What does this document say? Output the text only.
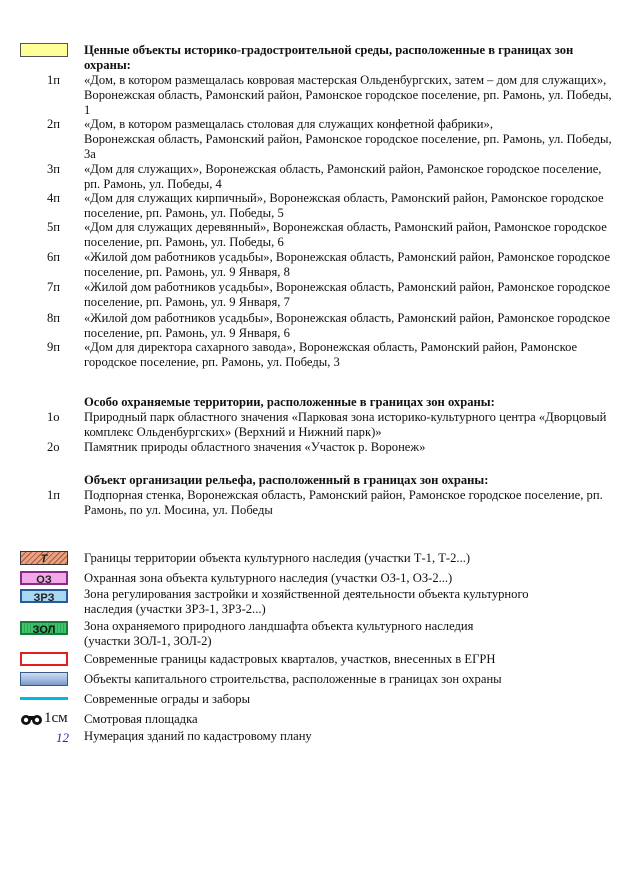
Ценные объекты историко-градостроительной среды, расположенные в границах зон охраны:
1п	«Дом, в котором размещалась ковровая мастерская Ольденбургских, затем – дом для служащих», Воронежская область, Рамонский район, Рамонское городское поселение, рп. Рамонь, ул. Победы, 1
2п	«Дом, в котором размещалась столовая для служащих конфетной фабрики»,
Воронежская область, Рамонский район, Рамонское городское поселение, рп. Рамонь, ул. Победы, 3а
3п	«Дом для служащих», Воронежская область, Рамонский район, Рамонское городское поселение, рп. Рамонь, ул. Победы, 4
4п	«Дом для служащих кирпичный», Воронежская область, Рамонский район, Рамонское городское поселение, рп. Рамонь, ул. Победы, 5
5п	«Дом для служащих деревянный», Воронежская область, Рамонский район, Рамонское городское поселение, рп. Рамонь, ул. Победы, 6
6п	«Жилой дом работников усадьбы», Воронежская область, Рамонский район, Рамонское городское поселение, рп. Рамонь, ул. 9 Января, 8
7п	«Жилой дом работников усадьбы», Воронежская область, Рамонский район, Рамонское городское поселение, рп. Рамонь, ул. 9 Января, 7
8п	«Жилой дом работников усадьбы», Воронежская область, Рамонский район, Рамонское городское поселение, рп. Рамонь, ул. 9 Января, 6
9п	«Дом для директора сахарного завода», Воронежская область, Рамонский район, Рамонское городское поселение, рп. Рамонь, ул. Победы, 3
Особо охраняемые территории, расположенные в границах зон охраны:
1о	Природный парк областного значения «Парковая зона историко-культурного центра «Дворцовый комплекс Ольденбургских» (Верхний и Нижний парк)»
2о	Памятник природы областного значения «Участок р. Воронеж»
Объект организации рельефа, расположенный в границах зон охраны:
1п	Подпорная стенка, Воронежская область, Рамонский район, Рамонское городское поселение, рп. Рамонь, по ул. Мосина, ул. Победы
Т	Границы территории объекта культурного наследия (участки Т-1, Т-2...)
ОЗ	Охранная зона объекта культурного наследия (участки ОЗ-1, ОЗ-2...)
ЗРЗ	Зона регулирования застройки и хозяйственной деятельности объекта культурного
наследия (участки ЗРЗ-1, ЗРЗ-2...)
ЗОЛ	Зона охраняемого природного ландшафта объекта культурного наследия
(участки ЗОЛ-1, ЗОЛ-2)
Современные границы кадастровых кварталов, участков, внесенных в ЕГРН
Объекты капитального строительства, расположенные в границах зон охраны
Современные ограды и заборы
1см Смотровая площадка
12 Нумерация зданий по кадастровому плану
